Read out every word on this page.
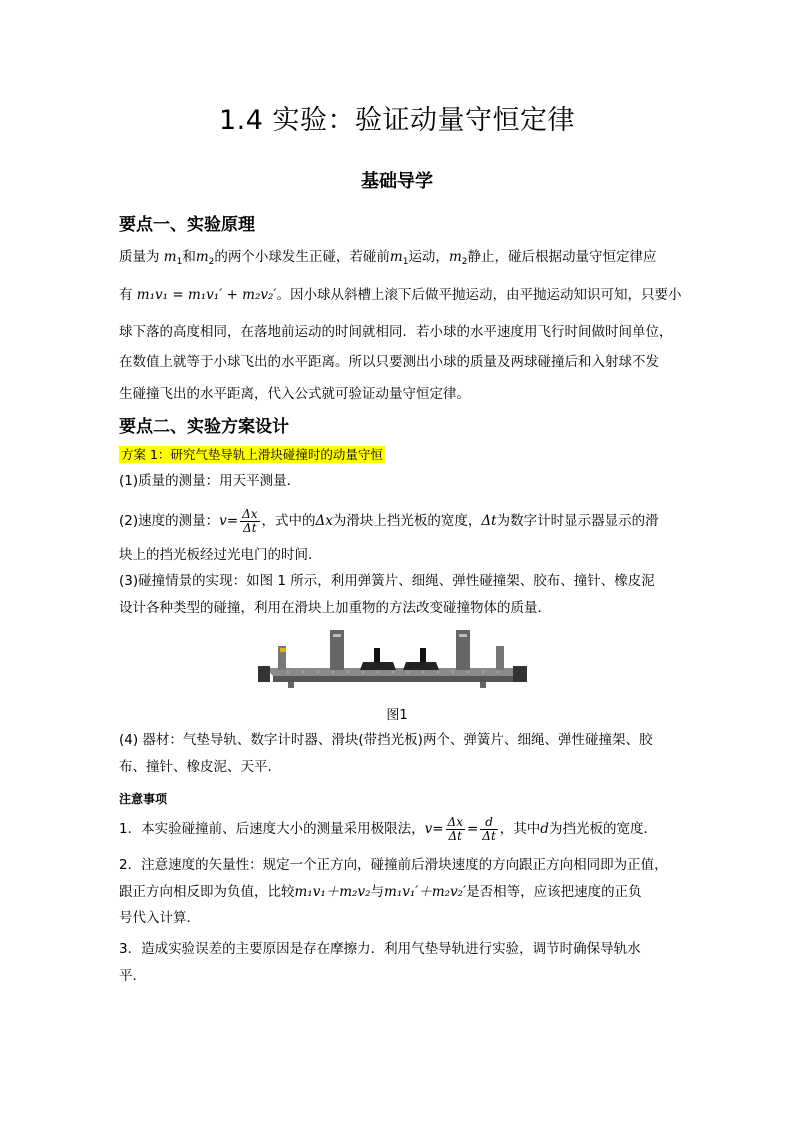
1.4 实验：验证动量守恒定律
基础导学
要点一、实验原理
质量为 $m_1$和$m_2$的两个小球发生正碰，若碰前$m_1$运动，$m_2$静止，碰后根据动量守恒定律应
有 m₁v₁ = m₁v₁′ + m₂v₂′。因小球从斜槽上滚下后做平抛运动，由平抛运动知识可知，只要小
球下落的高度相同，在落地前运动的时间就相同．若小球的水平速度用飞行时间做时间单位，
在数值上就等于小球飞出的水平距离。所以只要测出小球的质量及两球碰撞后和入射球不发
生碰撞飞出的水平距离，代入公式就可验证动量守恒定律。
要点二、实验方案设计
方案 1：研究气垫导轨上滑块碰撞时的动量守恒
(1)质量的测量：用天平测量．
(2)速度的测量：$v= \frac{\Delta x}{\Delta t}$ ，式中的Δx为滑块上挡光板的宽度，Δt为数字计时显示器显示的滑
块上的挡光板经过光电门的时间．
(3)碰撞情景的实现：如图 1 所示，利用弹簧片、细绳、弹性碰撞架、胶布、撞针、橡皮泥
设计各种类型的碰撞，利用在滑块上加重物的方法改变碰撞物体的质量．
图1
(4) 器材：气垫导轨、数字计时器、滑块(带挡光板)两个、弹簧片、细绳、弹性碰撞架、胶
布、撞针、橡皮泥、天平．
注意事项
1．本实验碰撞前、后速度大小的测量采用极限法，$v= \frac{\Delta x}{\Delta t} = \frac{d}{\Delta t}$ ，其中d为挡光板的宽度．
2．注意速度的矢量性：规定一个正方向，碰撞前后滑块速度的方向跟正方向相同即为正值，
跟正方向相反即为负值，比较m₁v₁＋m₂v₂与m₁v₁′＋m₂v₂′是否相等，应该把速度的正负
号代入计算．
3．造成实验误差的主要原因是存在摩擦力．利用气垫导轨进行实验，调节时确保导轨水
平．
